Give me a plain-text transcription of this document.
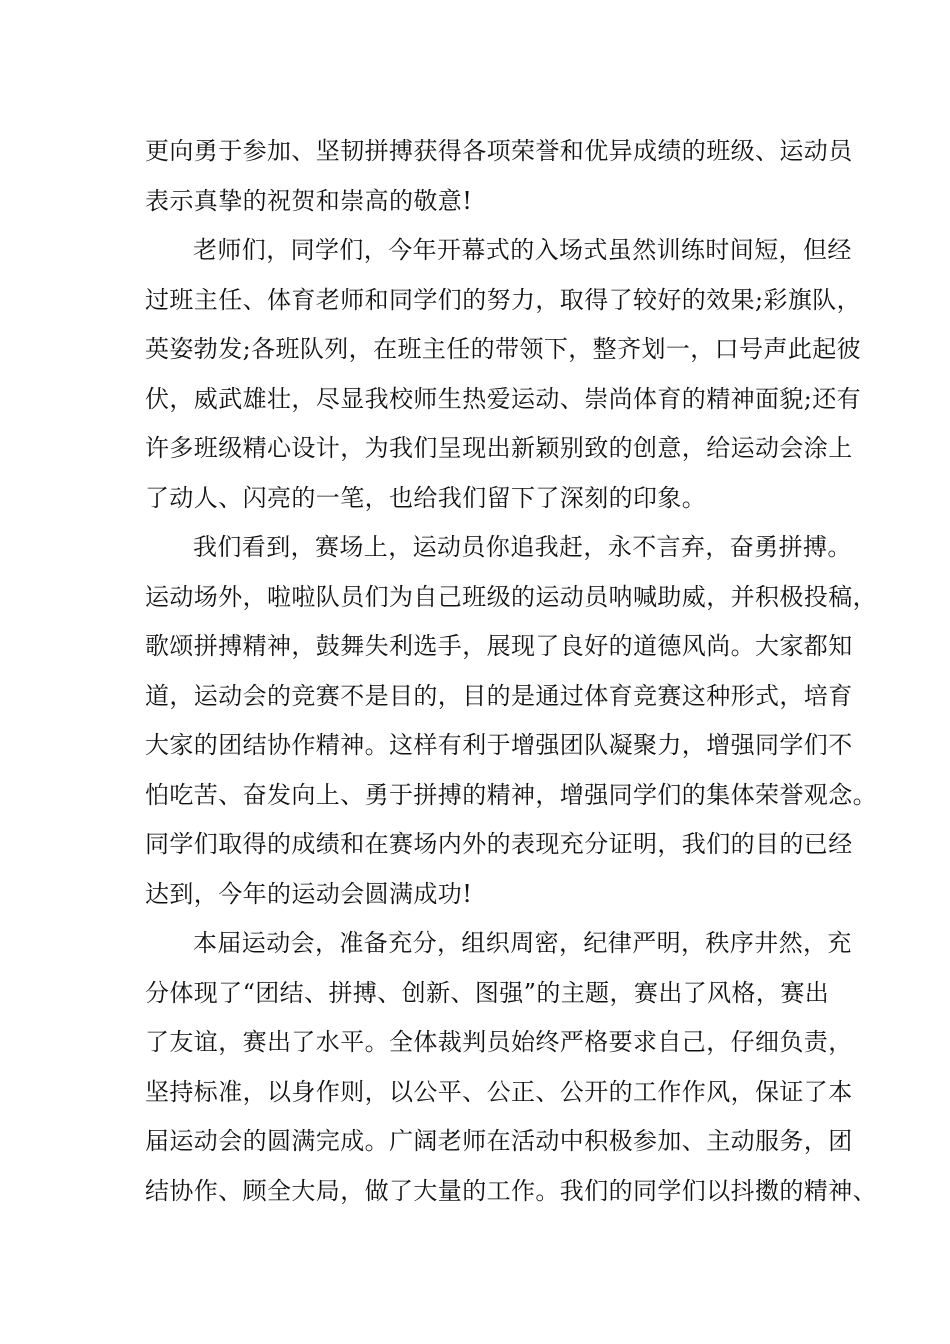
更向勇于参加、坚韧拼搏获得各项荣誉和优异成绩的班级、运动员
表示真挚的祝贺和崇高的敬意!
老师们，同学们，今年开幕式的入场式虽然训练时间短，但经
过班主任、体育老师和同学们的努力，取得了较好的效果;彩旗队，
英姿勃发;各班队列，在班主任的带领下，整齐划一，口号声此起彼
伏，威武雄壮，尽显我校师生热爱运动、崇尚体育的精神面貌;还有
许多班级精心设计，为我们呈现出新颖别致的创意，给运动会涂上
了动人、闪亮的一笔，也给我们留下了深刻的印象。
我们看到，赛场上，运动员你追我赶，永不言弃，奋勇拼搏。
运动场外，啦啦队员们为自己班级的运动员呐喊助威，并积极投稿，
歌颂拼搏精神，鼓舞失利选手，展现了良好的道德风尚。大家都知
道，运动会的竞赛不是目的，目的是通过体育竞赛这种形式，培育
大家的团结协作精神。这样有利于增强团队凝聚力，增强同学们不
怕吃苦、奋发向上、勇于拼搏的精神，增强同学们的集体荣誉观念。
同学们取得的成绩和在赛场内外的表现充分证明，我们的目的已经
达到，今年的运动会圆满成功!
本届运动会，准备充分，组织周密，纪律严明，秩序井然，充
分体现了“团结、拼搏、创新、图强”的主题，赛出了风格，赛出
了友谊，赛出了水平。全体裁判员始终严格要求自己，仔细负责，
坚持标准，以身作则，以公平、公正、公开的工作作风，保证了本
届运动会的圆满完成。广阔老师在活动中积极参加、主动服务，团
结协作、顾全大局，做了大量的工作。我们的同学们以抖擞的精神、
